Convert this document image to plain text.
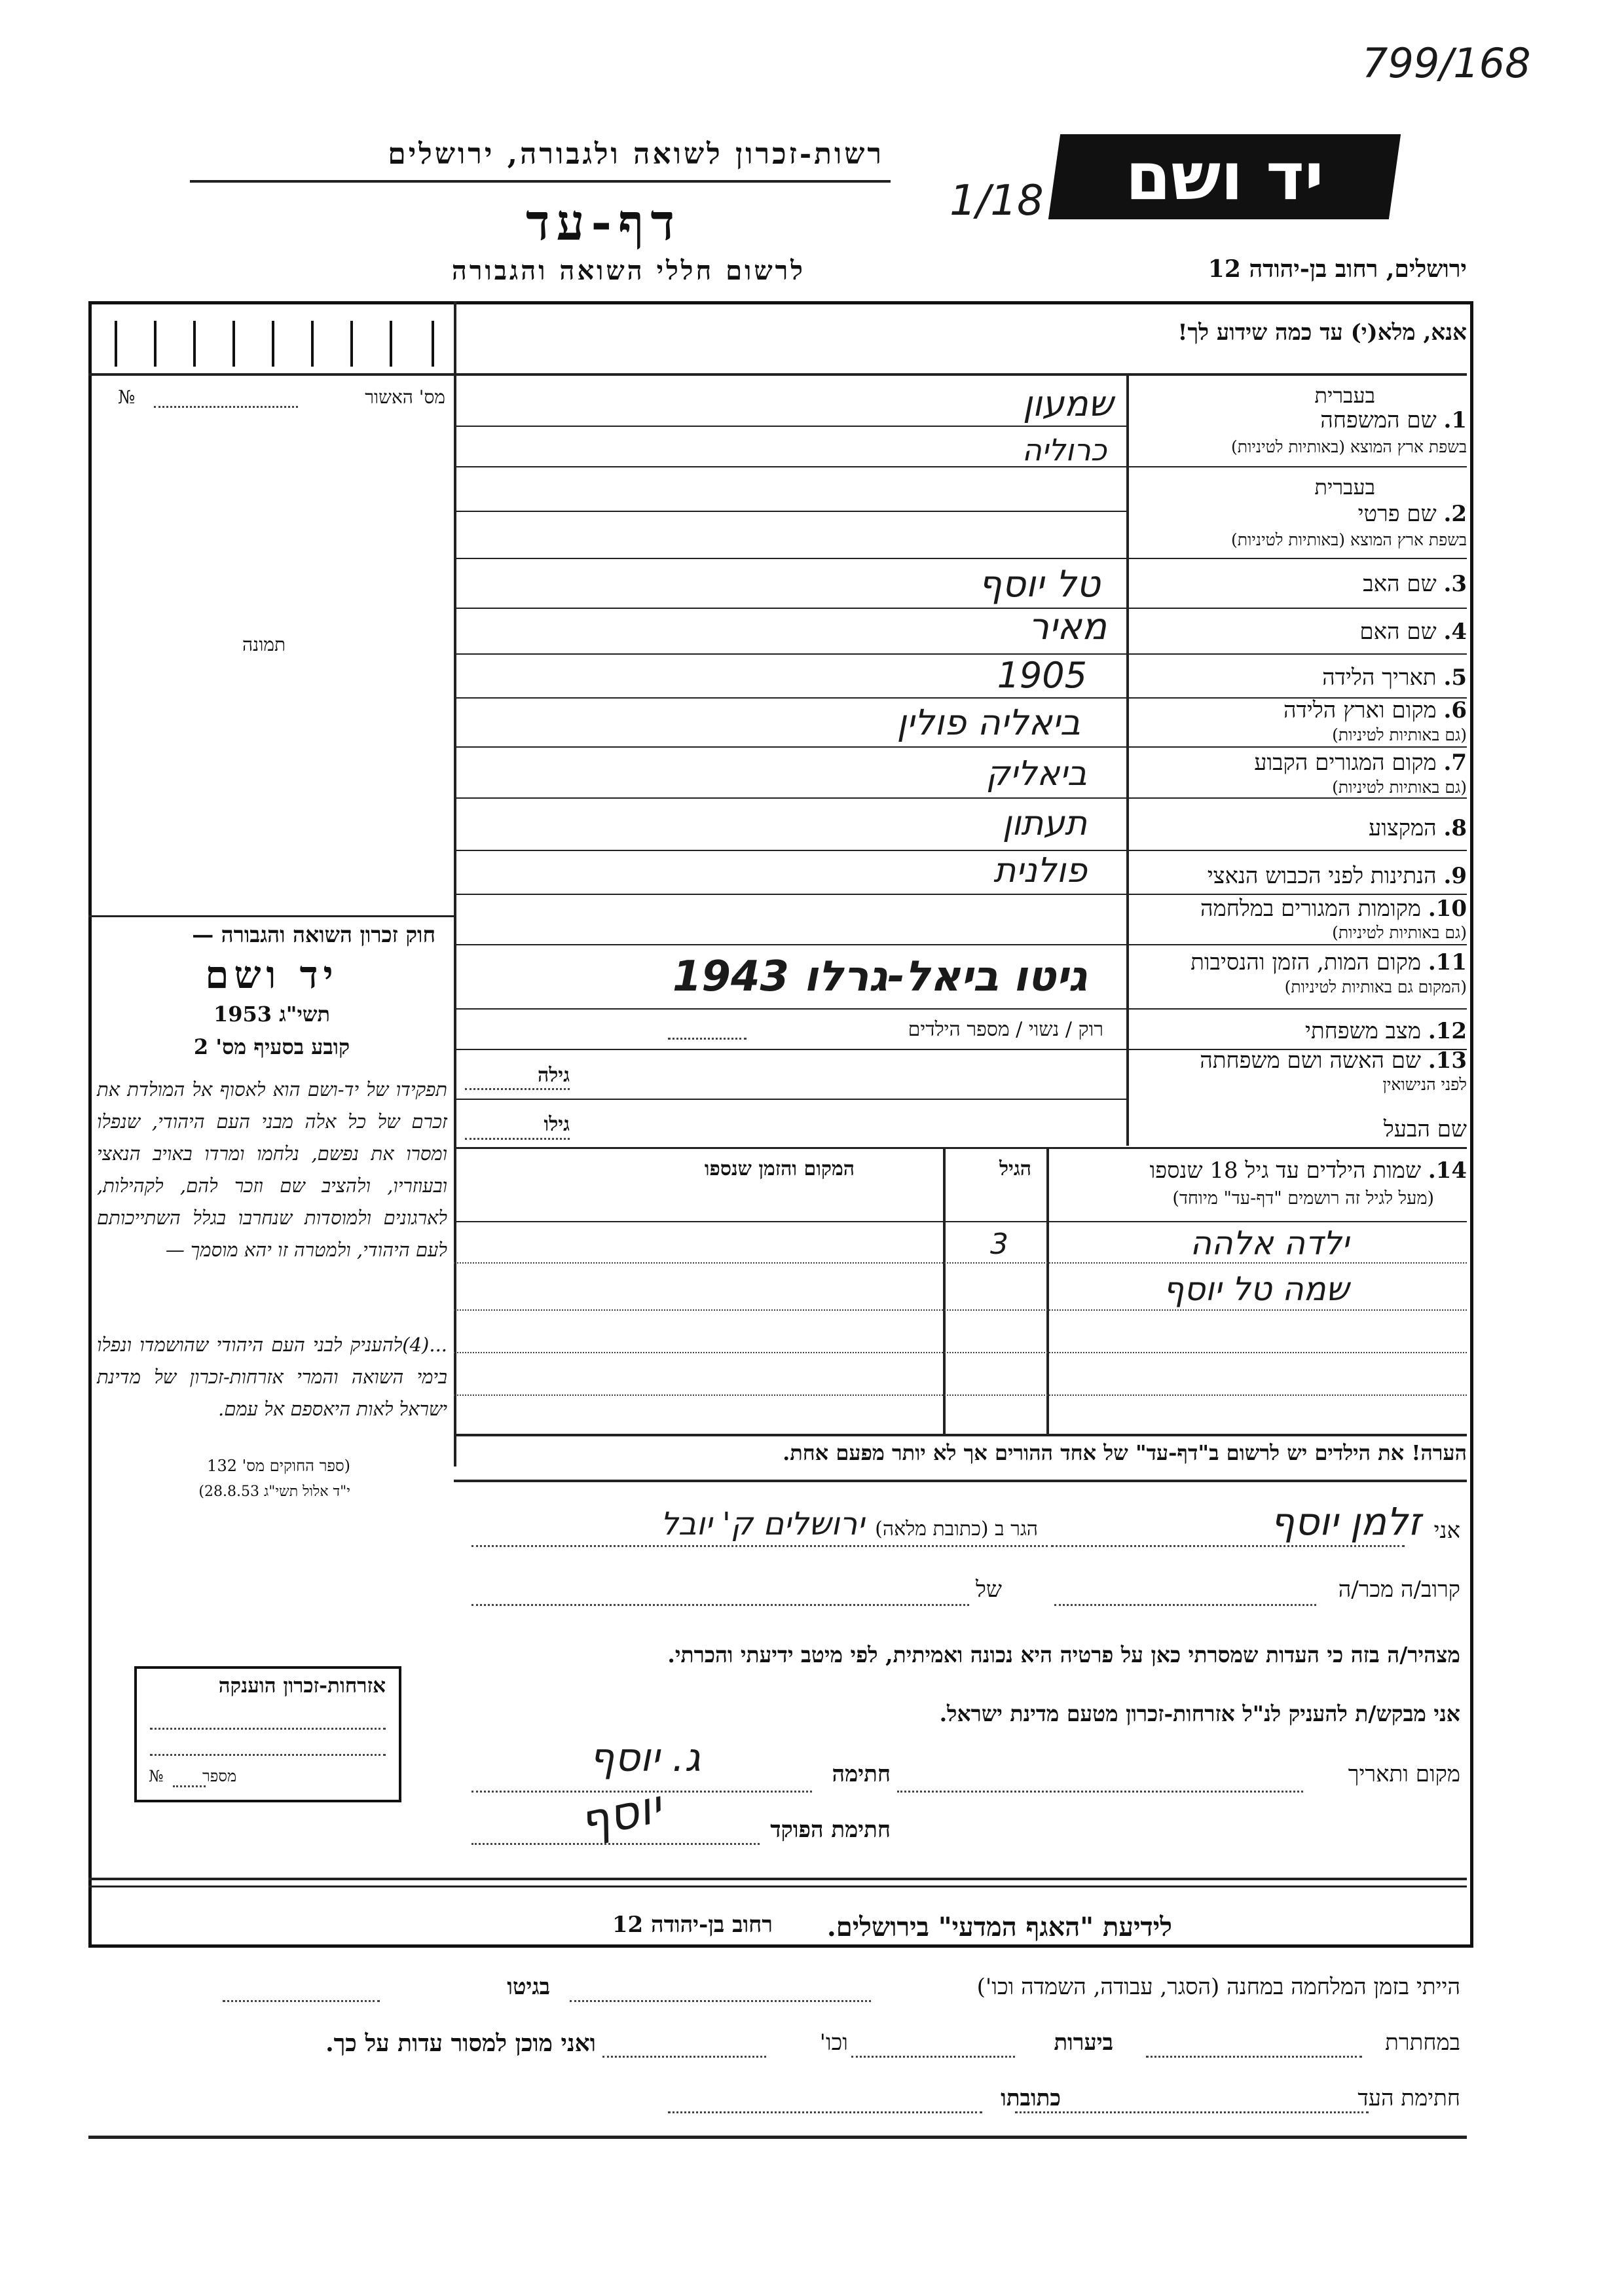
799/168
יד ושם
1/18
רשות-זכרון לשואה ולגבורה, ירושלים
דף-עד
לרשום חללי השואה והגבורה	ירושלים, רחוב בן-יהודה 12
אנא, מלא(י) עד כמה שידוע לך!
מס' האשור
№
תמונה
חוק זכרון השואה והגבורה —
יד ושם
תשי"ג 1953
קובע בסעיף מס' 2
תפקידו של יד-ושם הוא לאסוף אל המולדת את זכרם של כל אלה מבני העם היהודי, שנפלו ומסרו את נפשם, נלחמו ומרדו באויב הנאצי ובעוזריו, ולהציב שם וזכר להם, לקהילות, לארגונים ולמוסדות שנחרבו בגלל השתייכותם לעם היהודי, ולמטרה זו יהא מוסמך —
...(4)להעניק לבני העם היהודי שהושמדו ונפלו בימי השואה והמרי אזרחות-זכרון של מדינת ישראל לאות היאספם אל עמם.
(ספר החוקים מס' 132
י"ד אלול תשי"ג 28.8.53)
בעברית
1. שם המשפחה
בשפת ארץ המוצא (באותיות לטיניות)
שמעון
כרוליה
בעברית
2. שם פרטי
בשפת ארץ המוצא (באותיות לטיניות)
3. שם האב
טל יוסף
4. שם האם
מאיר
5. תאריך הלידה
1905
6. מקום וארץ הלידה
(גם באותיות לטיניות)
ביאליה פולין
7. מקום המגורים הקבוע
(גם באותיות לטיניות)
ביאליק
8. המקצוע
תעתון
9. הנתינות לפני הכבוש הנאצי
פולנית
10. מקומות המגורים במלחמה
(גם באותיות לטיניות)
11. מקום המות, הזמן והנסיבות
(המקום גם באותיות לטיניות)
גיטו ביאל-גרלו 1943
12. מצב משפחתי
רוק / נשוי / מספר הילדים
13. שם האשה ושם משפחתה
לפני הנישואין
גילה
שם הבעל
גילו
14. שמות הילדים עד גיל 18 שנספו
(מעל לגיל זה רושמים "דף-עד" מיוחד)
הגיל
המקום והזמן שנספו
ילדה אלהה
3
שמה טל יוסף
הערה! את הילדים יש לרשום ב"דף-עד" של אחד ההורים אך לא יותר מפעם אחת.
אני
זלמן יוסף
הגר ב (כתובת מלאה)
ירושלים ק' יובל
קרוב/ה מכר/ה
של
מצהיר/ה בזה כי העדות שמסרתי כאן על פרטיה היא נכונה ואמיתית, לפי מיטב ידיעתי והכרתי.
אני מבקש/ת להעניק לנ"ל אזרחות-זכרון מטעם מדינת ישראל.
מקום ותאריך
חתימה
ג. יוסף
חתימת הפוקד
יוסף
אזרחות-זכרון הוענקה
מספר
№
לידיעת "האגף המדעי" בירושלים.
רחוב בן-יהודה 12
הייתי בזמן המלחמה במחנה (הסגר, עבודה, השמדה וכו')
בגיטו
במחתרת
ביערות
וכו'
ואני מוכן למסור עדות על כך.
חתימת העד
כתובתו
